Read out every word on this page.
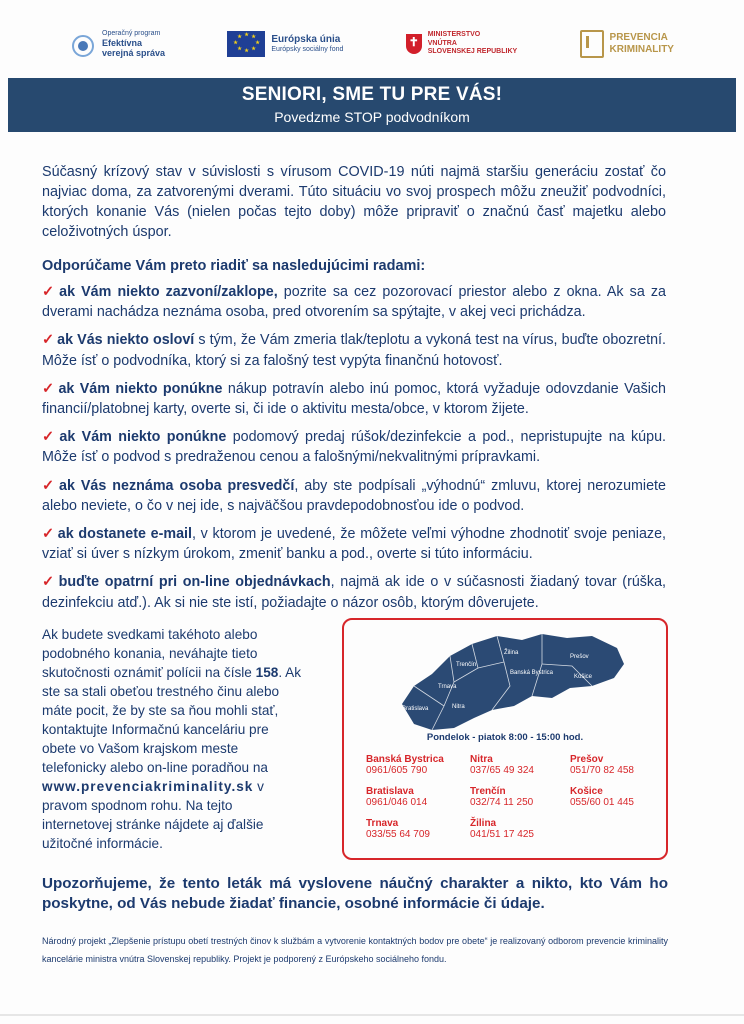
Operačný program
Efektívna
verejná správa
★ ★
★
★
★
★
★
★	Európska únia
Európsky sociálny fond
✝
MINISTERSTVO
VNÚTRA
SLOVENSKEJ REPUBLIKY
PREVENCIA
KRIMINALITY
SENIORI, SME TU PRE VÁS!
Povedzme STOP podvodníkom
Súčasný krízový stav v súvislosti s vírusom COVID-19 núti najmä staršiu generáciu zostať čo najviac doma, za zatvorenými dverami. Túto situáciu vo svoj prospech môžu zneužiť podvodníci, ktorých konanie Vás (nielen počas tejto doby) môže pripraviť o značnú časť majetku alebo celoživotných úspor.
Odporúčame Vám preto riadiť sa nasledujúcimi radami:
✓ ak Vám niekto zazvoní/zaklope, pozrite sa cez pozorovací priestor alebo z okna. Ak sa za dverami nachádza neznáma osoba, pred otvorením sa spýtajte, v akej veci prichádza.
✓ ak Vás niekto osloví s tým, že Vám zmeria tlak/teplotu a vykoná test na vírus, buďte obozretní. Môže ísť o podvodníka, ktorý si za falošný test vypýta finančnú hotovosť.
✓ ak Vám niekto ponúkne nákup potravín alebo inú pomoc, ktorá vyžaduje odovzdanie Vašich financií/platobnej karty, overte si, či ide o aktivitu mesta/obce, v ktorom žijete.
✓ ak Vám niekto ponúkne podomový predaj rúšok/dezinfekcie a pod., nepristupujte na kúpu. Môže ísť o podvod s predraženou cenou a falošnými/nekvalitnými prípravkami.
✓ ak Vás neznáma osoba presvedčí, aby ste podpísali „výhodnú“ zmluvu, ktorej nerozumiete alebo neviete, o čo v nej ide, s najväčšou pravdepodobnosťou ide o podvod.
✓ ak dostanete e-mail, v ktorom je uvedené, že môžete veľmi výhodne zhodnotiť svoje peniaze, vziať si úver s nízkym úrokom, zmeniť banku a pod., overte si túto informáciu.
✓ buďte opatrní pri on-line objednávkach, najmä ak ide o v súčasnosti žiadaný tovar (rúška, dezinfekciu atď.). Ak si nie ste istí, požiadajte o názor osôb, ktorým dôverujete.
Ak budete svedkami takéhoto alebo podobného konania, neváhajte tieto skutočnosti oznámiť polícii na čísle 158. Ak ste sa stali obeťou trestného činu alebo máte pocit, že by ste sa ňou mohli stať, kontaktujte Informačnú kanceláriu pre obete vo Vašom krajskom meste telefonicky alebo on-line poradňou na www.prevenciakriminality.sk v pravom spodnom rohu. Na tejto internetovej stránke nájdete aj ďalšie užitočné informácie.
Žilina
Trenčín
Banská Bystrica
Prešov
Košice
Trnava
Bratislava	Nitra
Pondelok - piatok 8:00 - 15:00 hod.
Banská Bystrica
0961/605 790
Nitra
037/65 49 324
Prešov
051/70 82 458
Bratislava
0961/046 014
Trenčín
032/74 11 250
Košice
055/60 01 445
Trnava
033/55 64 709
Žilina
041/51 17 425
Upozorňujeme, že tento leták má vyslovene náučný charakter a nikto, kto Vám ho poskytne, od Vás nebude žiadať financie, osobné informácie či údaje.
Národný projekt „Zlepšenie prístupu obetí trestných činov k službám a vytvorenie kontaktných bodov pre obete“ je realizovaný odborom prevencie kriminality kancelárie ministra vnútra Slovenskej republiky. Projekt je podporený z Európskeho sociálneho fondu.
